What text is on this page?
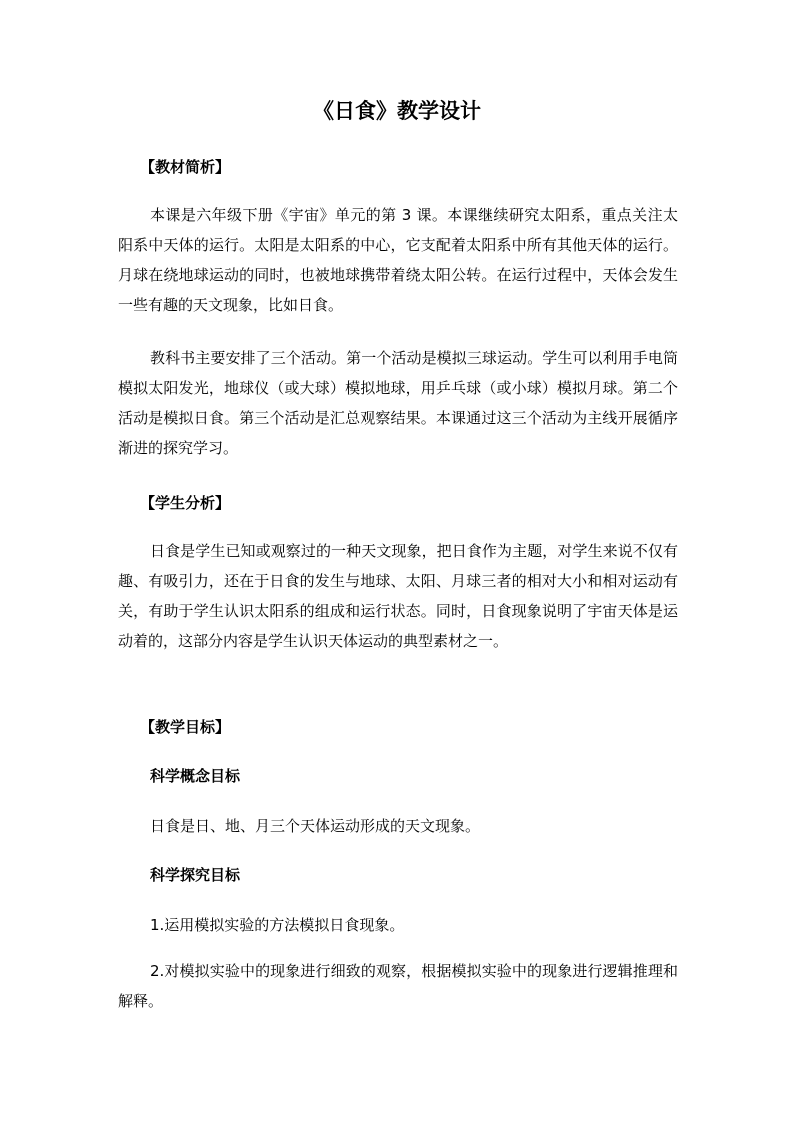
《日食》教学设计
【教材简析】

本课是六年级下册《宇宙》单元的第 3 课。本课继续研究太阳系，重点关注太阳系中天体的运行。太阳是太阳系的中心，它支配着太阳系中所有其他天体的运行。月球在绕地球运动的同时，也被地球携带着绕太阳公转。在运行过程中，天体会发生一些有趣的天文现象，比如日食。

教科书主要安排了三个活动。第一个活动是模拟三球运动。学生可以利用手电筒模拟太阳发光，地球仪（或大球）模拟地球，用乒乓球（或小球）模拟月球。第二个活动是模拟日食。第三个活动是汇总观察结果。本课通过这三个活动为主线开展循序渐进的探究学习。

【学生分析】

日食是学生已知或观察过的一种天文现象，把日食作为主题，对学生来说不仅有趣、有吸引力，还在于日食的发生与地球、太阳、月球三者的相对大小和相对运动有关，有助于学生认识太阳系的组成和运行状态。同时，日食现象说明了宇宙天体是运动着的，这部分内容是学生认识天体运动的典型素材之一。

【教学目标】
科学概念目标
日食是日、地、月三个天体运动形成的天文现象。
科学探究目标
1.运用模拟实验的方法模拟日食现象。

2.对模拟实验中的现象进行细致的观察，根据模拟实验中的现象进行逻辑推理和解释。
